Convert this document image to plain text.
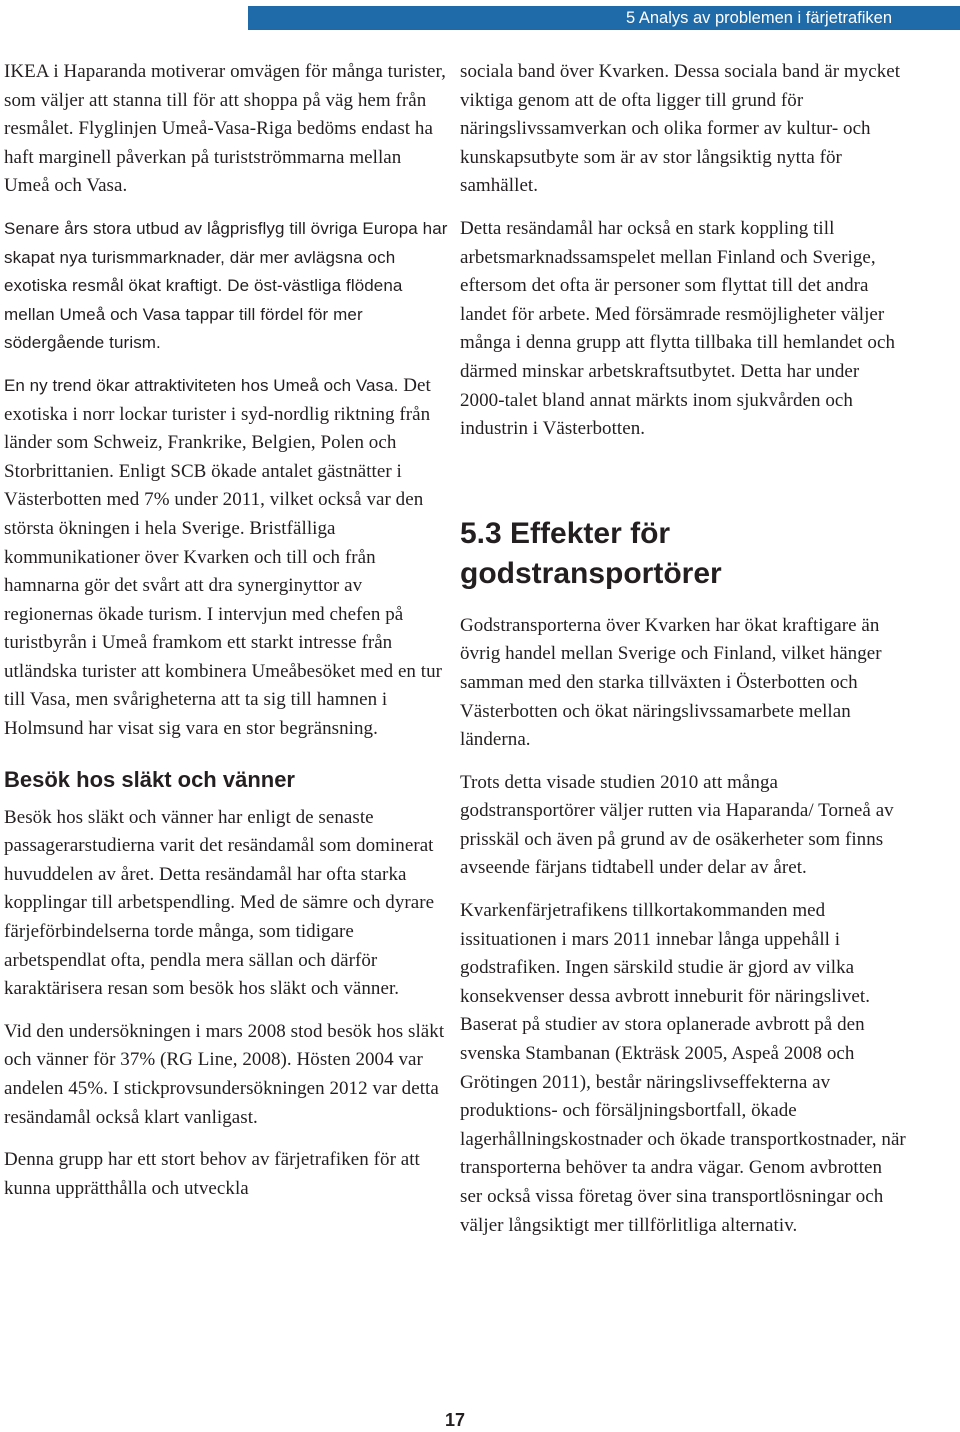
5 Analys av problemen i färjetrafiken

IKEA i Haparanda motiverar omvägen för många turister, som väljer att stanna till för att shoppa på väg hem från resmålet. Flyglinjen Umeå-Vasa-Riga bedöms endast ha haft marginell påverkan på turistströmmarna mellan Umeå och Vasa.

Senare års stora utbud av lågprisflyg till övriga Europa har skapat nya turismmarknader, där mer avlägsna och exotiska resmål ökat kraftigt. De öst-västliga flödena mellan Umeå och Vasa tappar till fördel för mer södergående turism.

En ny trend ökar attraktiviteten hos Umeå och Vasa. Det exotiska i norr lockar turister i syd-nordlig riktning från länder som Schweiz, Frankrike, Belgien, Polen och Storbrittanien. Enligt SCB ökade antalet gästnätter i Västerbotten med 7% under 2011, vilket också var den största ökningen i hela Sverige. Bristfälliga kommunikationer över Kvarken och till och från hamnarna gör det svårt att dra synerginyttor av regionernas ökade turism. I intervjun med chefen på turistbyrån i Umeå framkom ett starkt intresse från utländska turister att kombinera Umeåbesöket med en tur till Vasa, men svårigheterna att ta sig till hamnen i Holmsund har visat sig vara en stor begränsning.

Besök hos släkt och vänner

Besök hos släkt och vänner har enligt de senaste passagerarstudierna varit det resändamål som dominerat huvuddelen av året. Detta resändamål har ofta starka kopplingar till arbetspendling. Med de sämre och dyrare färjeförbindelserna torde många, som tidigare arbetspendlat ofta, pendla mera sällan och därför karaktärisera resan som besök hos släkt och vänner.

Vid den undersökningen i mars 2008 stod besök hos släkt och vänner för 37% (RG Line, 2008). Hösten 2004 var andelen 45%. I stickprovsundersökningen 2012 var detta resändamål också klart vanligast.

Denna grupp har ett stort behov av färjetrafiken för att kunna upprätthålla och utveckla

sociala band över Kvarken. Dessa sociala band är mycket viktiga genom att de ofta ligger till grund för näringslivssamverkan och olika former av kultur- och kunskapsutbyte som är av stor långsiktig nytta för samhället.

Detta resändamål har också en stark koppling till arbetsmarknadssamspelet mellan Finland och Sverige, eftersom det ofta är personer som flyttat till det andra landet för arbete. Med försämrade resmöjligheter väljer många i denna grupp att flytta tillbaka till hemlandet och därmed minskar arbetskraftsutbytet. Detta har under 2000-talet bland annat märkts inom sjukvården och industrin i Västerbotten.

5.3 Effekter för godstransportörer

Godstransporterna över Kvarken har ökat kraftigare än övrig handel mellan Sverige och Finland, vilket hänger samman med den starka tillväxten i Österbotten och Västerbotten och ökat näringslivssamarbete mellan länderna.

Trots detta visade studien 2010 att många godstransportörer väljer rutten via Haparanda/ Torneå av prisskäl och även på grund av de osäkerheter som finns avseende färjans tidtabell under delar av året.

Kvarkenfärjetrafikens tillkortakommanden med issituationen i mars 2011 innebar långa uppehåll i godstrafiken. Ingen särskild studie är gjord av vilka konsekvenser dessa avbrott inneburit för näringslivet. Baserat på studier av stora oplanerade avbrott på den svenska Stambanan (Ekträsk 2005, Aspeå 2008 och Grötingen 2011), består näringslivseffekterna av produktions- och försäljningsbortfall, ökade lagerhållningskostnader och ökade transportkostnader, när transporterna behöver ta andra vägar. Genom avbrotten ser också vissa företag över sina transportlösningar och väljer långsiktigt mer tillförlitliga alternativ.

17
